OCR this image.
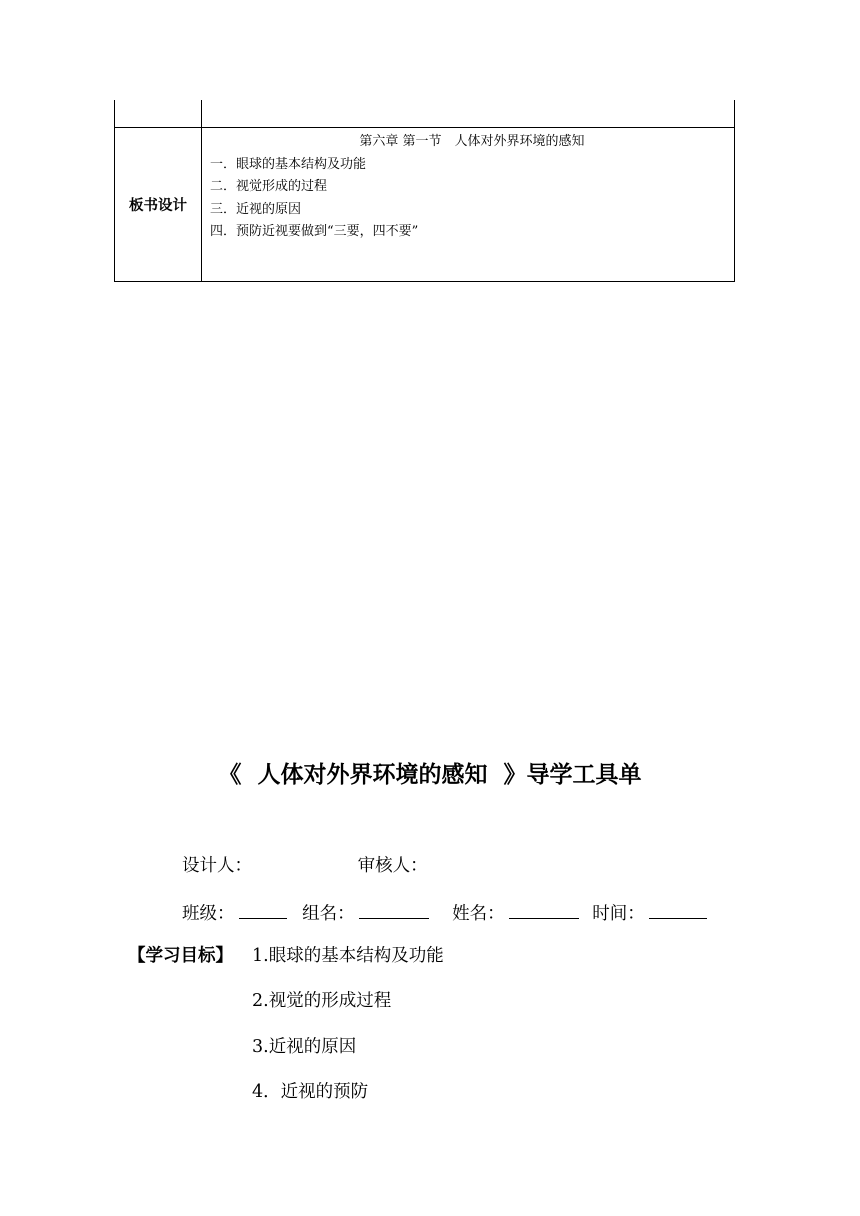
板书设计	第六章 第一节　人体对外界环境的感知
一．眼球的基本结构及功能
二．视觉形成的过程
三．近视的原因
四．预防近视要做到“三要，四不要”
《  人体对外界环境的感知  》导学工具单
设计人：	审核人：
班级：	组名：	姓名：	时间：
【学习目标】 1.眼球的基本结构及功能
2.视觉的形成过程
3.近视的原因
4．近视的预防
